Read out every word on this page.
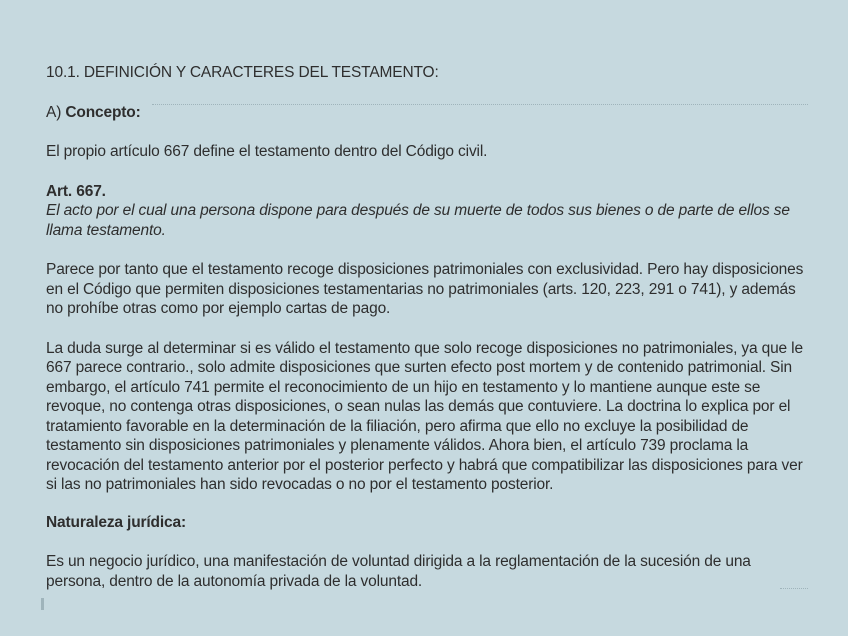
10.1. DEFINICIÓN Y CARACTERES DEL TESTAMENTO:

A) Concepto:

El propio artículo 667 define el testamento dentro del Código civil.

Art. 667.

El acto por el cual una persona dispone para después de su muerte de todos sus bienes o de parte de ellos se llama testamento.

Parece por tanto que el testamento recoge disposiciones patrimoniales con exclusividad. Pero hay disposiciones en el Código que permiten disposiciones testamentarias no patrimoniales (arts. 120, 223, 291 o 741), y además no prohíbe otras como por ejemplo cartas de pago.

La duda surge al determinar si es válido el testamento que solo recoge disposiciones no patrimoniales, ya que le 667 parece contrario., solo admite disposiciones que surten efecto post mortem y de contenido patrimonial. Sin embargo, el artículo 741 permite el reconocimiento de un hijo en testamento y lo mantiene aunque este se revoque, no contenga otras disposiciones, o sean nulas las demás que contuviere. La doctrina lo explica por el tratamiento favorable en la determinación de la filiación, pero afirma que ello no excluye la posibilidad de testamento sin disposiciones patrimoniales y plenamente válidos. Ahora bien, el artículo 739 proclama la revocación del testamento anterior por el posterior perfecto y habrá que compatibilizar las disposiciones para ver si las no patrimoniales han sido revocadas o no por el testamento posterior.

Naturaleza jurídica:

Es un negocio jurídico, una manifestación de voluntad dirigida a la reglamentación de la sucesión de una persona, dentro de la autonomía privada de la voluntad.
